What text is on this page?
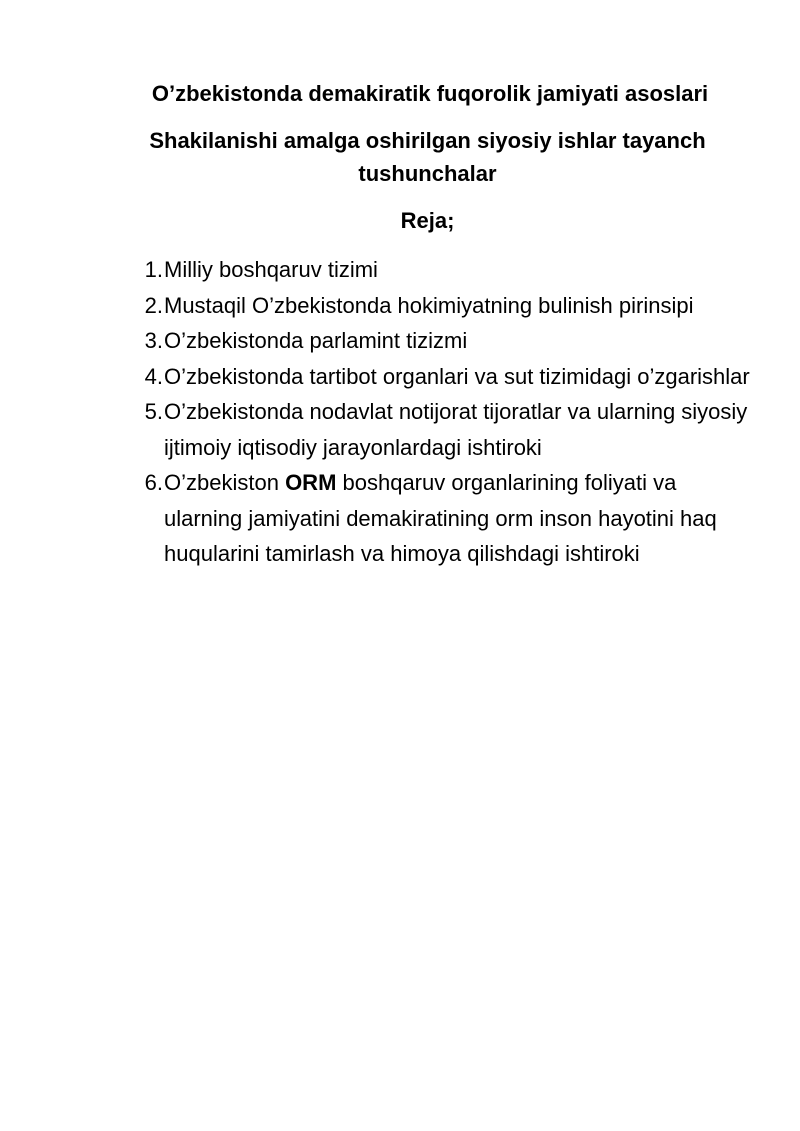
O’zbekistonda demakiratik fuqorolik jamiyati asoslari
Shakilanishi amalga oshirilgan siyosiy ishlar tayanch tushunchalar
Reja;
1. Milliy boshqaruv tizimi
2. Mustaqil O’zbekistonda hokimiyatning bulinish pirinsipi
3. O’zbekistonda parlamint tizizmi
4. O’zbekistonda tartibot organlari va sut tizimidagi o’zgarishlar
5. O’zbekistonda nodavlat notijorat tijoratlar va ularning siyosiy ijtimoiy iqtisodiy jarayonlardagi ishtiroki
6. O’zbekiston ORM boshqaruv organlarining foliyati va ularning jamiyatini demakiratining orm inson hayotini haq huqularini tamirlash va himoya qilishdagi ishtiroki
